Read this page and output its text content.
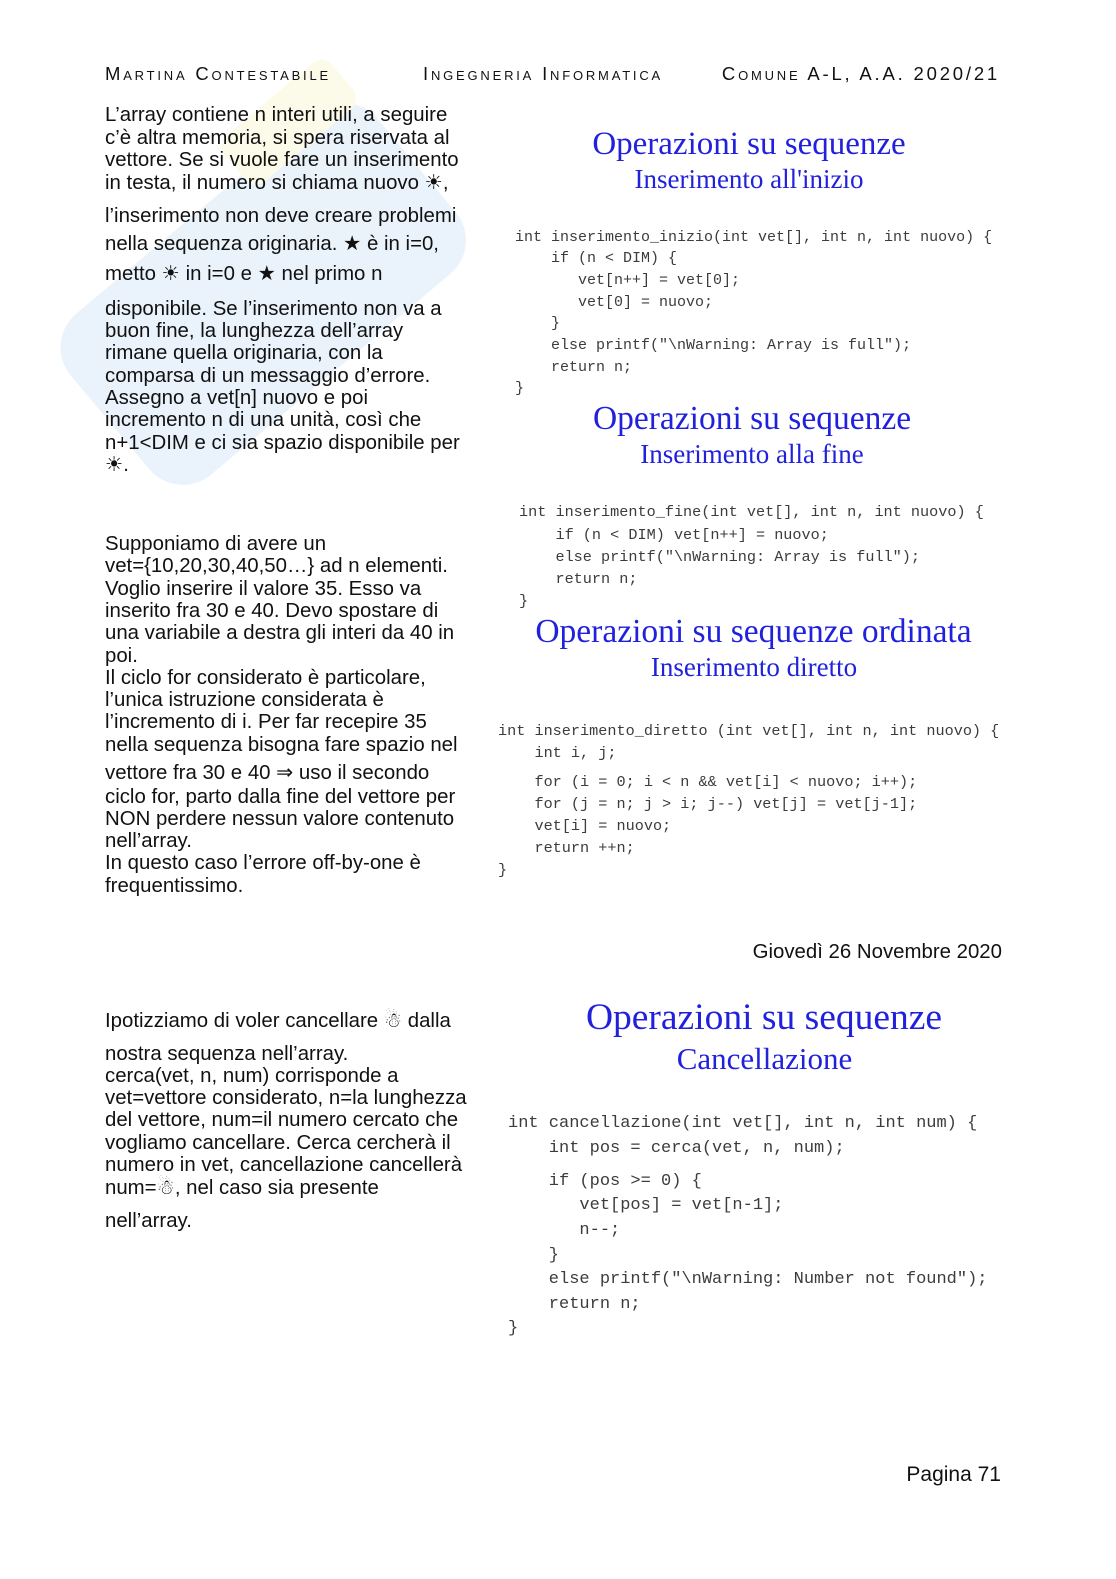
Martina Contestabile	Ingegneria Informatica	Comune A-L, A.A. 2020/21
L’array contiene n interi utili, a seguire
c’è altra memoria, si spera riservata al
vettore. Se si vuole fare un inserimento
in testa, il numero si chiama nuovo ☀︎,
l’inserimento non deve creare problemi
nella sequenza originaria. ★ è in i=0,
metto ☀︎ in i=0 e ★ nel primo n
disponibile. Se l’inserimento non va a
buon fine, la lunghezza dell’array
rimane quella originaria, con la
comparsa di un messaggio d’errore.
Assegno a vet[n] nuovo e poi
incremento n di una unità, così che
n+1<DIM e ci sia spazio disponibile per
☀︎.
Supponiamo di avere un
vet={10,20,30,40,50…} ad n elementi.
Voglio inserire il valore 35. Esso va
inserito fra 30 e 40. Devo spostare di
una variabile a destra gli interi da 40 in
poi.
Il ciclo for considerato è particolare,
l’unica istruzione considerata è
l’incremento di i. Per far recepire 35
nella sequenza bisogna fare spazio nel
vettore fra 30 e 40 ⇒ uso il secondo
ciclo for, parto dalla fine del vettore per
NON perdere nessun valore contenuto
nell’array.
In questo caso l’errore off-by-one è
frequentissimo.
Giovedì 26 Novembre 2020
Ipotizziamo di voler cancellare ☃︎ dalla
nostra sequenza nell’array.
cerca(vet, n, num) corrisponde a
vet=vettore considerato, n=la lunghezza
del vettore, num=il numero cercato che
vogliamo cancellare. Cerca cercherà il
numero in vet, cancellazione cancellerà
num=☃︎, nel caso sia presente
nell’array.
Operazioni su sequenze
Inserimento all'inizio
int inserimento_inizio(int vet[], int n, int nuovo) {
if (n < DIM) {
vet[n++] = vet[0];
vet[0] = nuovo;
}
else printf("\nWarning: Array is full");
return n;
}
Operazioni su sequenze
Inserimento alla fine
int inserimento_fine(int vet[], int n, int nuovo) {
if (n < DIM) vet[n++] = nuovo;
else printf("\nWarning: Array is full");
return n;
}
Operazioni su sequenze ordinata
Inserimento diretto
int inserimento_diretto (int vet[], int n, int nuovo) {
int i, j;
for (i = 0; i < n && vet[i] < nuovo; i++);
for (j = n; j > i; j--) vet[j] = vet[j-1];
vet[i] = nuovo;
return ++n;
}
Operazioni su sequenze
Cancellazione
int cancellazione(int vet[], int n, int num) {
int pos = cerca(vet, n, num);
if (pos >= 0) {
vet[pos] = vet[n-1];
n--;
}
else printf("\nWarning: Number not found");
return n;
}
Pagina 71
